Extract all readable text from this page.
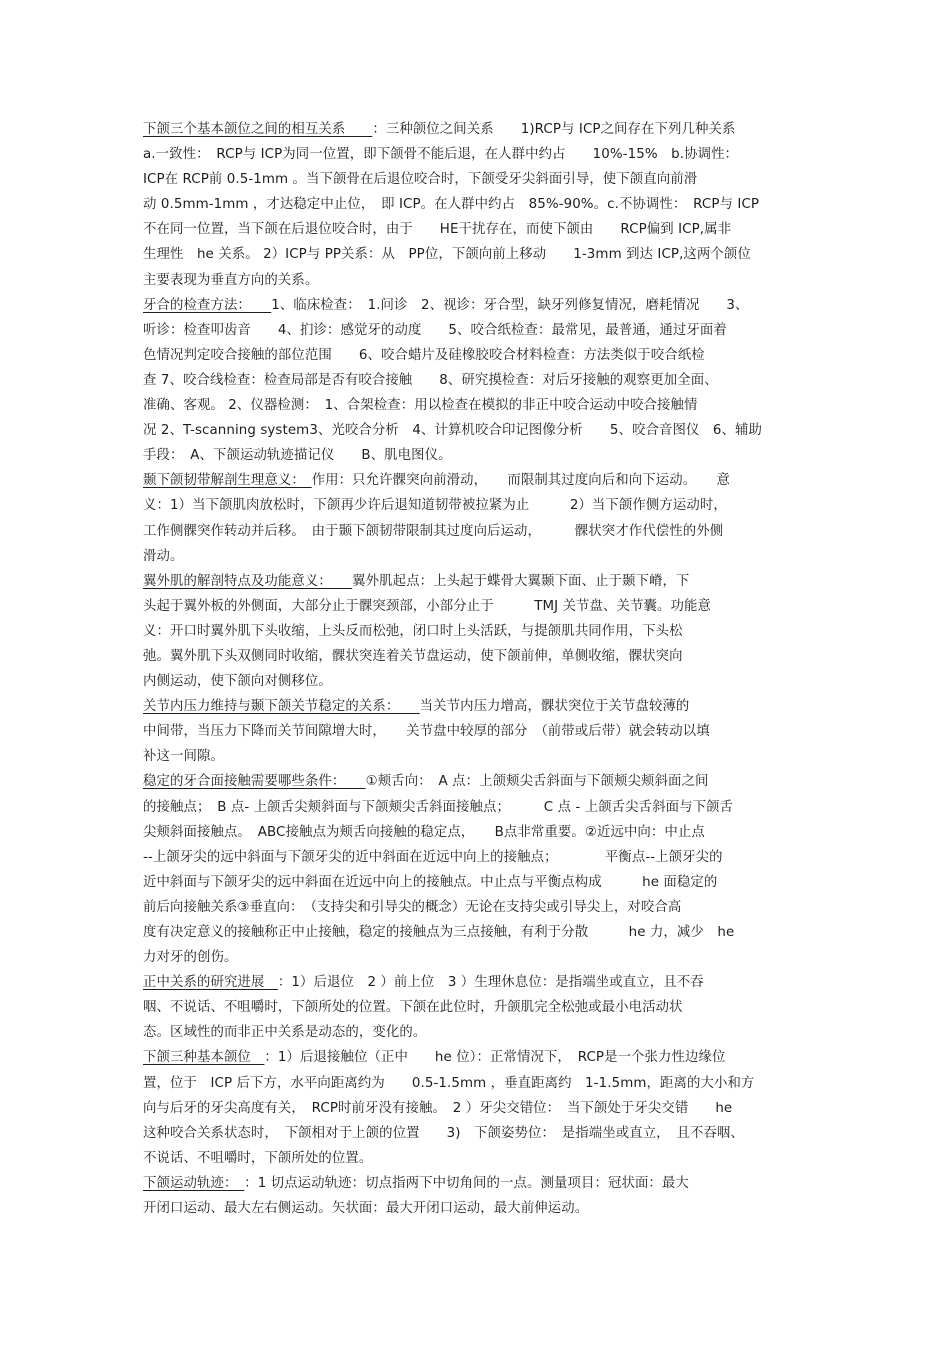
下颌三个基本颌位之间的相互关系　　：三种颌位之间关系　　1)RCP与 ICP之间存在下列几种关系
a.一致性：　RCP与 ICP为同一位置，即下颌骨不能后退，在人群中约占　　10%-15%　b.协调性：
ICP在 RCP前 0.5-1mm 。当下颌骨在后退位咬合时，下颌受牙尖斜面引导，使下颌直向前滑
动 0.5mm-1mm ，才达稳定中止位，　即 ICP。在人群中约占　85%-90%。c.不协调性：　RCP与 ICP
不在同一位置，当下颌在后退位咬合时，由于　　HE干扰存在，而使下颌由　　RCP偏到 ICP,属非
生理性　he 关系。 2）ICP与 PP关系：从　PP位，下颌向前上移动　　1-3mm 到达 ICP,这两个颌位
主要表现为垂直方向的关系。
牙合的检查方法：　　1、临床检查：　1.问诊　2、视诊：牙合型，缺牙列修复情况，磨耗情况　　3、
听诊：检查叩齿音　　4、扪诊：感觉牙的动度　　5、咬合纸检查：最常见，最普通，通过牙面着
色情况判定咬合接触的部位范围　　6、咬合蜡片及硅橡胶咬合材料检查：方法类似于咬合纸检
查 7、咬合线检查：检查局部是否有咬合接触　　8、研究摸检查：对后牙接触的观察更加全面、
准确、客观。 2、仪器检测：　1、合架检查：用以检查在模拟的非正中咬合运动中咬合接触情
况 2、T-scanning system3、光咬合分析　4、计算机咬合印记图像分析　　5、咬合音图仪　6、辅助
手段：　A、下颌运动轨迹描记仪　　B、肌电图仪。
颞下颌韧带解剖生理意义：　作用：只允许髁突向前滑动，　　而限制其过度向后和向下运动。　　意
义：1）当下颌肌肉放松时，下颌再少许后退知道韧带被拉紧为止　　　2）当下颌作侧方运动时，
工作侧髁突作转动并后移。　由于颞下颌韧带限制其过度向后运动，　　　髁状突才作代偿性的外侧
滑动。
翼外肌的解剖特点及功能意义：　　翼外肌起点：上头起于蝶骨大翼颞下面、止于颞下嵴，下
头起于翼外板的外侧面，大部分止于髁突颈部，小部分止于　　　TMJ 关节盘、关节囊。功能意
义：开口时翼外肌下头收缩，上头反而松弛，闭口时上头活跃，与提颌肌共同作用，下头松
弛。翼外肌下头双侧同时收缩，髁状突连着关节盘运动，使下颌前伸，单侧收缩，髁状突向
内侧运动，使下颌向对侧移位。
关节内压力维持与颞下颌关节稳定的关系：　　当关节内压力增高，髁状突位于关节盘较薄的
中间带，当压力下降而关节间隙增大时，　　关节盘中较厚的部分　（前带或后带）就会转动以填
补这一间隙。
稳定的牙合面接触需要哪些条件：　　①颊舌向：　A 点：上颌颊尖舌斜面与下颌颊尖颊斜面之间
的接触点；　B 点- 上颌舌尖颊斜面与下颌颊尖舌斜面接触点；　　　C 点 - 上颌舌尖舌斜面与下颌舌
尖颊斜面接触点。　ABC接触点为颊舌向接触的稳定点，　　B点非常重要。②近远中向：中止点
--上颌牙尖的远中斜面与下颌牙尖的近中斜面在近远中向上的接触点；　　　　平衡点--上颌牙尖的
近中斜面与下颌牙尖的远中斜面在近远中向上的接触点。中止点与平衡点构成　　　he 面稳定的
前后向接触关系③垂直向：　（支持尖和引导尖的概念）无论在支持尖或引导尖上，对咬合高
度有决定意义的接触称正中止接触，稳定的接触点为三点接触，有利于分散　　　he 力，减少　he
力对牙的创伤。
正中关系的研究进展　：1）后退位　2 ）前上位　3 ）生理休息位：是指端坐或直立，且不吞
咽、不说话、不咀嚼时，下颌所处的位置。下颌在此位时，升颌肌完全松弛或最小电活动状
态。区域性的而非正中关系是动态的，变化的。
下颌三种基本颌位　：1）后退接触位（正中　　he 位）：正常情况下，　RCP是一个张力性边缘位
置，位于　ICP 后下方，水平向距离约为　　0.5-1.5mm ，垂直距离约　1-1.5mm，距离的大小和方
向与后牙的牙尖高度有关，　RCP时前牙没有接触。　2 ）牙尖交错位：　当下颌处于牙尖交错　　he
这种咬合关系状态时，　下颌相对于上颌的位置　　3)　下颌姿势位：　是指端坐或直立，　且不吞咽、
不说话、不咀嚼时，下颌所处的位置。
下颌运动轨迹：　：1 切点运动轨迹：切点指两下中切角间的一点。测量项目：冠状面：最大
开闭口运动、最大左右侧运动。矢状面：最大开闭口运动，最大前伸运动。
